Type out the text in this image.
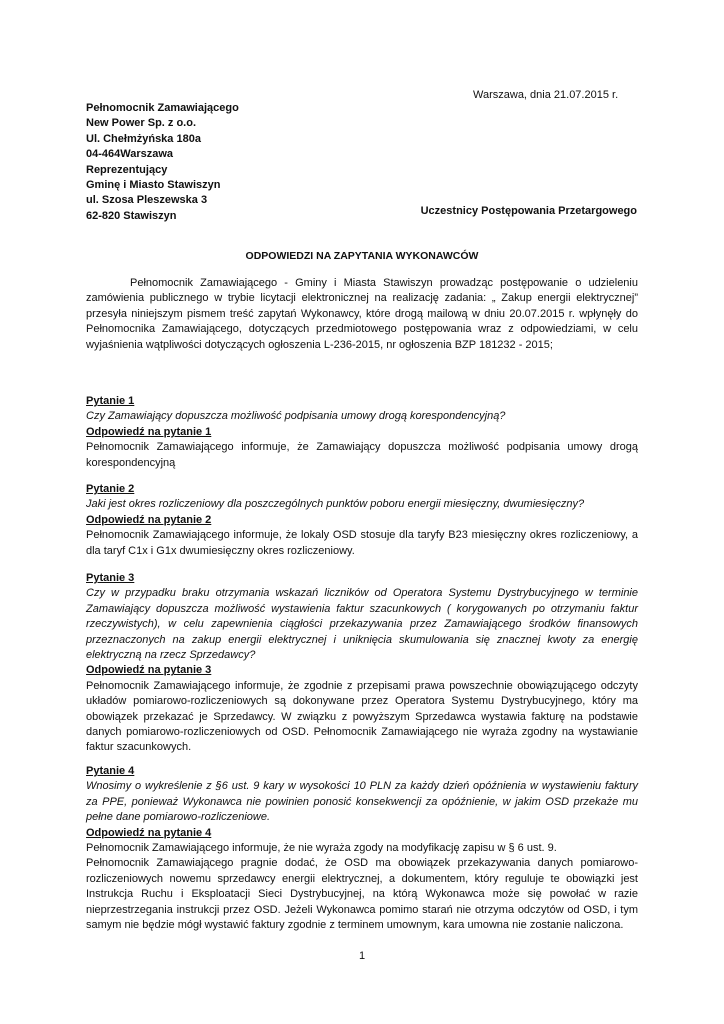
Warszawa, dnia 21.07.2015 r.
Pełnomocnik Zamawiającego
New Power Sp. z o.o.
Ul. Chełmżyńska 180a
04-464Warszawa
Reprezentujący
Gminę i Miasto Stawiszyn
ul. Szosa Pleszewska 3
62-820 Stawiszyn	Uczestnicy Postępowania Przetargowego
ODPOWIEDZI NA ZAPYTANIA WYKONAWCÓW

Pełnomocnik Zamawiającego - Gminy i Miasta Stawiszyn prowadząc postępowanie o udzieleniu zamówienia publicznego w trybie licytacji elektronicznej na realizację zadania: „ Zakup energii elektrycznej” przesyła niniejszym pismem treść zapytań Wykonawcy, które drogą mailową w dniu 20.07.2015 r. wpłynęły do Pełnomocnika Zamawiającego, dotyczących przedmiotowego postępowania wraz z odpowiedziami, w celu wyjaśnienia wątpliwości dotyczących ogłoszenia L-236-2015, nr ogłoszenia BZP 181232 - 2015;

Pytanie 1
Czy Zamawiający dopuszcza możliwość podpisania umowy drogą korespondencyjną?
Odpowiedź na pytanie 1
Pełnomocnik Zamawiającego informuje, że Zamawiający dopuszcza możliwość podpisania umowy drogą korespondencyjną
Pytanie 2
Jaki jest okres rozliczeniowy dla poszczególnych punktów poboru energii miesięczny, dwumiesięczny?
Odpowiedź na pytanie 2
Pełnomocnik Zamawiającego informuje, że lokaly OSD stosuje dla taryfy B23 miesięczny okres rozliczeniowy, a dla taryf C1x i G1x dwumiesięczny okres rozliczeniowy.
Pytanie 3
Czy w przypadku braku otrzymania wskazań liczników od Operatora Systemu Dystrybucyjnego w terminie Zamawiający dopuszcza możliwość wystawienia faktur szacunkowych ( korygowanych po otrzymaniu faktur rzeczywistych), w celu zapewnienia ciągłości przekazywania przez Zamawiającego środków finansowych przeznaczonych na zakup energii elektrycznej i uniknięcia skumulowania się znacznej kwoty za energię elektryczną na rzecz Sprzedawcy?
Odpowiedź na pytanie 3
Pełnomocnik Zamawiającego informuje, że zgodnie z przepisami prawa powszechnie obowiązującego odczyty układów pomiarowo-rozliczeniowych są dokonywane przez Operatora Systemu Dystrybucyjnego, który ma obowiązek przekazać je Sprzedawcy. W związku z powyższym Sprzedawca wystawia fakturę na podstawie danych pomiarowo-rozliczeniowych od OSD. Pełnomocnik Zamawiającego nie wyraża zgodny na wystawianie faktur szacunkowych.
Pytanie 4
Wnosimy o wykreślenie z §6 ust. 9 kary w wysokości 10 PLN za każdy dzień opóźnienia w wystawieniu faktury za PPE, ponieważ Wykonawca nie powinien ponosić konsekwencji za opóźnienie, w jakim OSD przekaże mu pełne dane pomiarowo-rozliczeniowe.
Odpowiedź na pytanie 4
Pełnomocnik Zamawiającego informuje, że nie wyraża zgody na modyfikację zapisu w § 6 ust. 9.
Pełnomocnik Zamawiającego pragnie dodać, że OSD ma obowiązek przekazywania danych pomiarowo-rozliczeniowych nowemu sprzedawcy energii elektrycznej, a dokumentem, który reguluje te obowiązki jest Instrukcja Ruchu i Eksploatacji Sieci Dystrybucyjnej, na którą Wykonawca może się powołać w razie nieprzestrzegania instrukcji przez OSD. Jeżeli Wykonawca pomimo starań nie otrzyma odczytów od OSD, i tym samym nie będzie mógł wystawić faktury zgodnie z terminem umownym, kara umowna nie zostanie naliczona.
1
